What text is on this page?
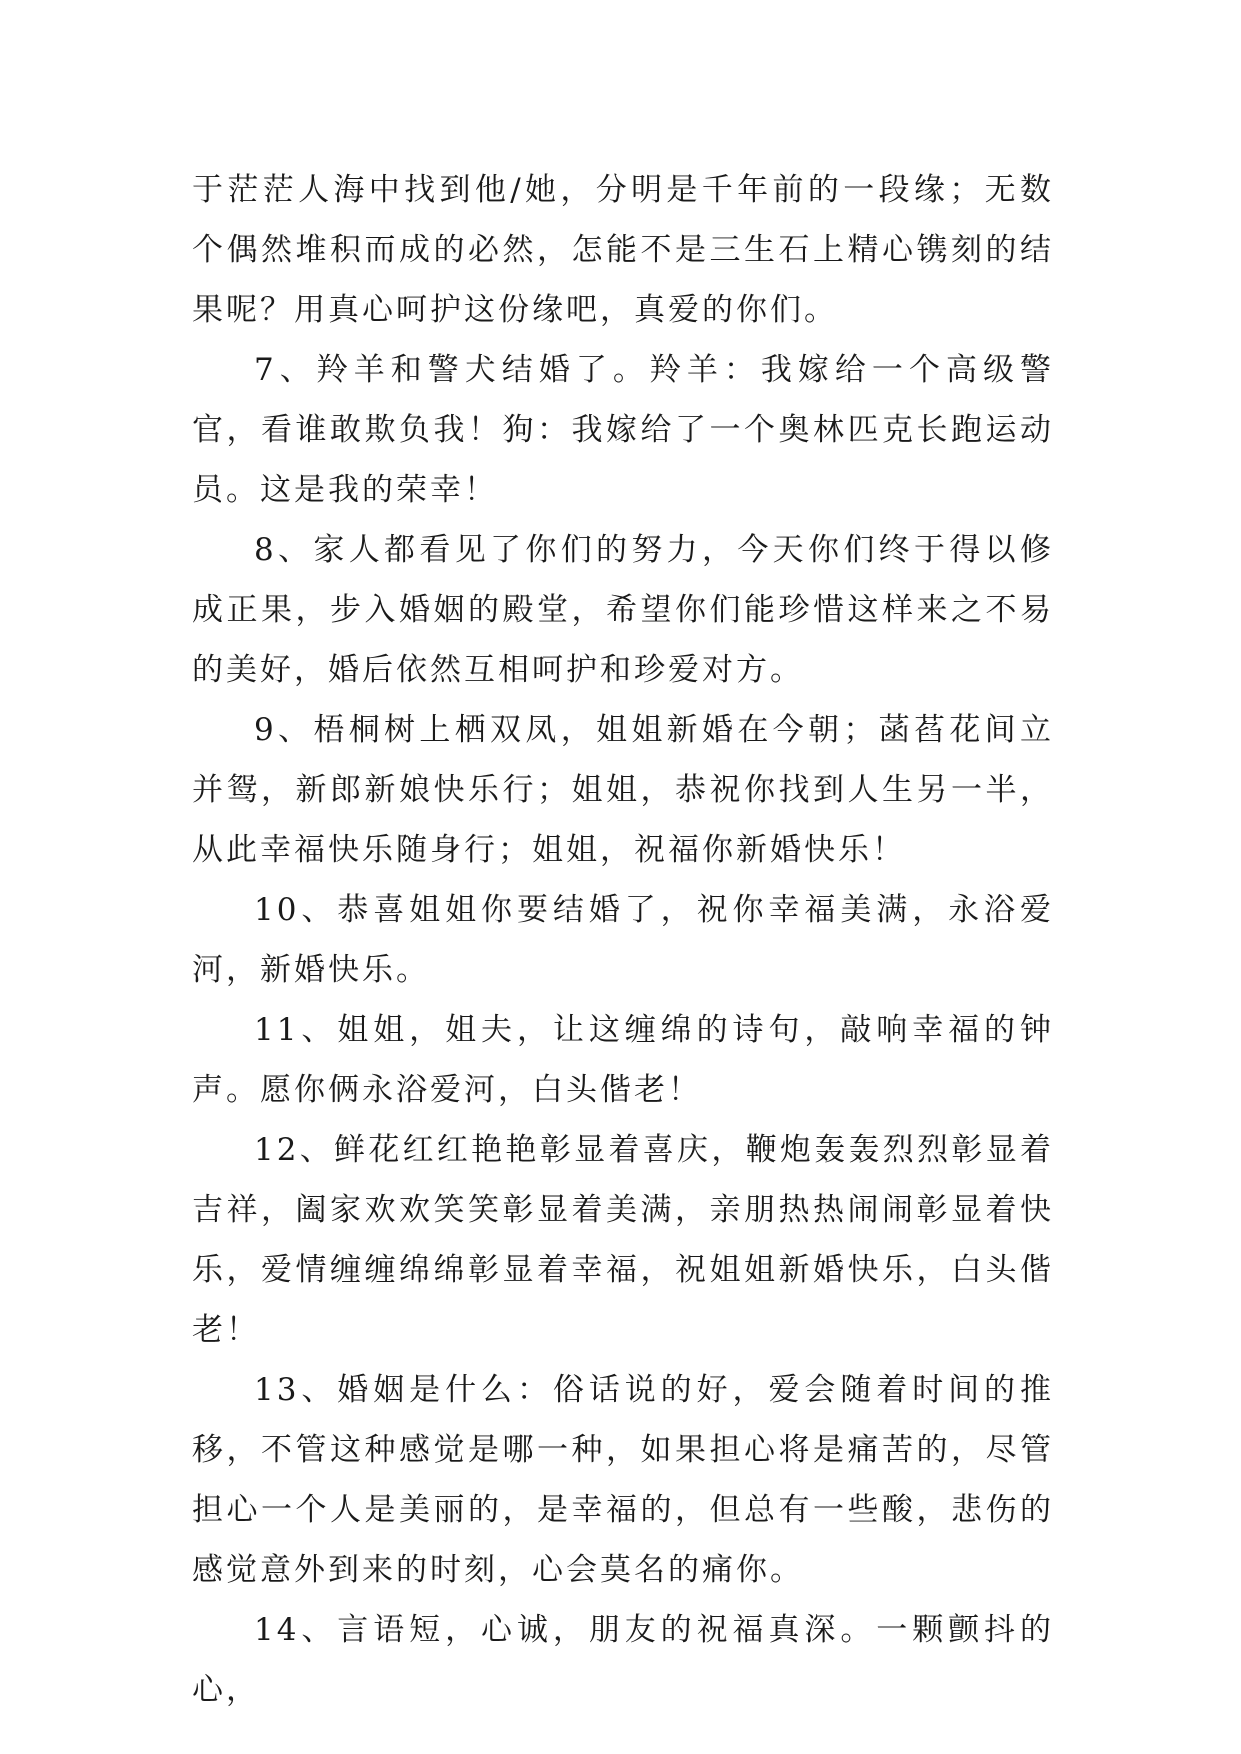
于茫茫人海中找到他/她，分明是千年前的一段缘；无数个偶然堆积而成的必然，怎能不是三生石上精心镌刻的结果呢？用真心呵护这份缘吧，真爱的你们。

7、羚羊和警犬结婚了。羚羊：我嫁给一个高级警官，看谁敢欺负我！狗：我嫁给了一个奥林匹克长跑运动员。这是我的荣幸！

8、家人都看见了你们的努力，今天你们终于得以修成正果，步入婚姻的殿堂，希望你们能珍惜这样来之不易的美好，婚后依然互相呵护和珍爱对方。

9、梧桐树上栖双凤，姐姐新婚在今朝；菡萏花间立并鸳，新郎新娘快乐行；姐姐，恭祝你找到人生另一半，从此幸福快乐随身行；姐姐，祝福你新婚快乐！

10、恭喜姐姐你要结婚了，祝你幸福美满，永浴爱河，新婚快乐。

11、姐姐，姐夫，让这缠绵的诗句，敲响幸福的钟声。愿你俩永浴爱河，白头偕老！

12、鲜花红红艳艳彰显着喜庆，鞭炮轰轰烈烈彰显着吉祥，阖家欢欢笑笑彰显着美满，亲朋热热闹闹彰显着快乐，爱情缠缠绵绵彰显着幸福，祝姐姐新婚快乐，白头偕老！

13、婚姻是什么：俗话说的好，爱会随着时间的推移，不管这种感觉是哪一种，如果担心将是痛苦的，尽管担心一个人是美丽的，是幸福的，但总有一些酸，悲伤的感觉意外到来的时刻，心会莫名的痛你。

14、言语短，心诚，朋友的祝福真深。一颗颤抖的心，
